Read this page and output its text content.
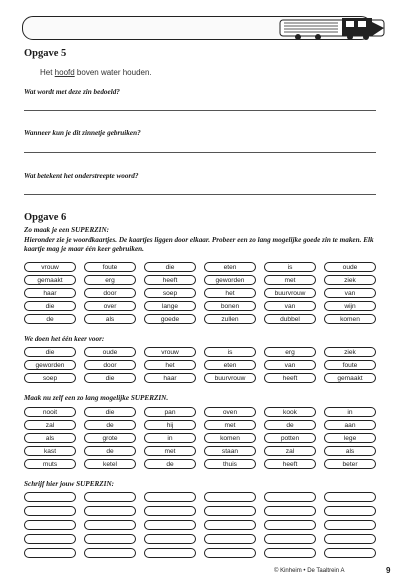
Opgave 5
Het hoofd boven water houden.
Wat wordt met deze zin bedoeld?
Wanneer kun je dit zinnetje gebruiken?
Wat betekent het onderstreepte woord?
Opgave 6
Zo maak je een SUPERZIN:
Hieronder zie je woordkaartjes. De kaartjes liggen door elkaar. Probeer een zo lang mogelijke goede zin te maken. Elk kaartje mag je maar één keer gebruiken.
vrouw	foute	die	eten	is	oude
gemaakt	erg	heeft	geworden	met	ziek
haar	door	soep	het	buurvrouw	van
die	over	lange	bonen	van	wijn
de	als	goede	zullen	dubbel	komen
We doen het één keer voor:
die	oude	vrouw	is	erg	ziek
geworden	door	het	eten	van	foute
soep	die	haar	buurvrouw	heeft	gemaakt
Maak nu zelf een zo lang mogelijke SUPERZIN.
nooit	die	pan	oven	kook	in
zal	de	hij	met	de	aan
als	grote	in	komen	potten	lege
kast	de	met	staan	zal	als
muts	ketel	de	thuis	heeft	beter
Schrijf hier jouw SUPERZIN:
© Kinheim • De Taaltrein A	9
